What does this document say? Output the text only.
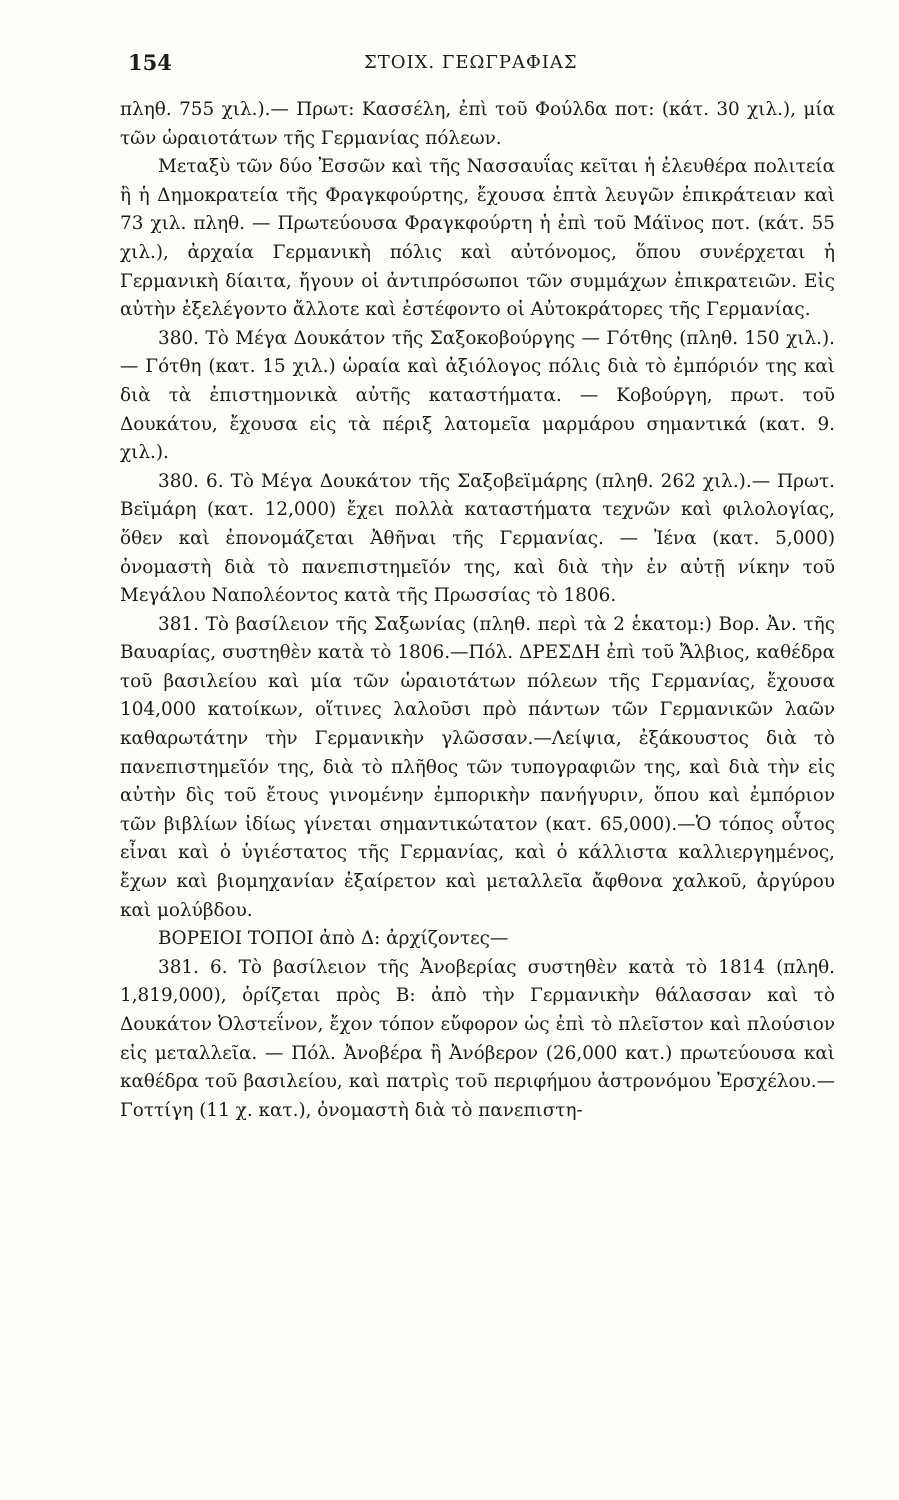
154	ΣΤΟΙΧ. ΓΕΩΓΡΑΦΙΑΣ

πληθ. 755 χιλ.).— Πρωτ: Κασσέλη, ἐπὶ τοῦ Φούλδα ποτ: (κάτ. 30 χιλ.), μία τῶν ὡραιοτάτων τῆς Γερμανίας πόλεων.

Μεταξὺ τῶν δύο Ἐσσῶν καὶ τῆς Νασσαυΐας κεῖται ἡ ἐλευθέρα πολιτεία ἢ ἡ Δημοκρατεία τῆς Φραγκφούρτης, ἔχουσα ἑπτὰ λευγῶν ἐπικράτειαν καὶ 73 χιλ. πληθ. — Πρωτεύουσα Φραγκφούρτη ἡ ἐπὶ τοῦ Μάϊνος ποτ. (κάτ. 55 χιλ.), ἀρχαία Γερμανικὴ πόλις καὶ αὐτόνομος, ὅπου συνέρχεται ἡ Γερμανικὴ δίαιτα, ἤγουν οἱ ἀντιπρόσωποι τῶν συμμάχων ἐπικρατειῶν. Εἰς αὐτὴν ἐξελέγοντο ἄλλοτε καὶ ἐστέφοντο οἱ Αὐτοκράτορες τῆς Γερμανίας.

380. Τὸ Μέγα Δουκάτον τῆς Σαξοκοβούργης — Γότθης (πληθ. 150 χιλ.). — Γότθη (κατ. 15 χιλ.) ὡραία καὶ ἀξιόλογος πόλις διὰ τὸ ἐμπόριόν της καὶ διὰ τὰ ἐπιστημονικὰ αὐτῆς καταστήματα. — Κοβούργη, πρωτ. τοῦ Δουκάτου, ἔχουσα εἰς τὰ πέριξ λατομεῖα μαρμάρου σημαντικά (κατ. 9. χιλ.).

380. 6. Τὸ Μέγα Δουκάτον τῆς Σαξοβεϊμάρης (πληθ. 262 χιλ.).— Πρωτ. Βεϊμάρη (κατ. 12,000) ἔχει πολλὰ καταστήματα τεχνῶν καὶ φιλολογίας, ὅθεν καὶ ἐπονομάζεται Ἀθῆναι τῆς Γερμανίας. — Ἰένα (κατ. 5,000) ὀνομαστὴ διὰ τὸ πανεπιστημεῖόν της, καὶ διὰ τὴν ἐν αὐτῇ νίκην τοῦ Μεγάλου Ναπολέοντος κατὰ τῆς Πρωσσίας τὸ 1806.

381. Τὸ βασίλειον τῆς Σαξωνίας (πληθ. περὶ τὰ 2 ἑκατομ:) Βορ. Ἀν. τῆς Βαυαρίας, συστηθὲν κατὰ τὸ 1806.—Πόλ. ΔΡΕΣΔΗ ἐπὶ τοῦ Ἄλβιος, καθέδρα τοῦ βασιλείου καὶ μία τῶν ὡραιοτάτων πόλεων τῆς Γερμανίας, ἔχουσα 104,000 κατοίκων, οἵτινες λαλοῦσι πρὸ πάντων τῶν Γερμανικῶν λαῶν καθαρωτάτην τὴν Γερμανικὴν γλῶσσαν.—Λείψια, ἐξάκουστος διὰ τὸ πανεπιστημεῖόν της, διὰ τὸ πλῆθος τῶν τυπογραφιῶν της, καὶ διὰ τὴν εἰς αὐτὴν δὶς τοῦ ἔτους γινομένην ἐμπορικὴν πανήγυριν, ὅπου καὶ ἐμπόριον τῶν βιβλίων ἰδίως γίνεται σημαντικώτατον (κατ. 65,000).—Ὁ τόπος οὗτος εἶναι καὶ ὁ ὑγιέστατος τῆς Γερμανίας, καὶ ὁ κάλλιστα καλλιεργημένος, ἔχων καὶ βιομηχανίαν ἐξαίρετον καὶ μεταλλεῖα ἄφθονα χαλκοῦ, ἀργύρου καὶ μολύβδου.

ΒΟΡΕΙΟΙ ΤΟΠΟΙ ἀπὸ Δ: ἀρχίζοντες—

381. 6. Τὸ βασίλειον τῆς Ἀνοβερίας συστηθὲν κατὰ τὸ 1814 (πληθ. 1,819,000), ὁρίζεται πρὸς Β: ἀπὸ τὴν Γερμανικὴν θάλασσαν καὶ τὸ Δουκάτον Ὀλστεΐνον, ἔχον τόπον εὔφορον ὡς ἐπὶ τὸ πλεῖστον καὶ πλούσιον εἰς μεταλλεῖα. — Πόλ. Ἀνοβέρα ἢ Ἀνόβερον (26,000 κατ.) πρωτεύουσα καὶ καθέδρα τοῦ βασιλείου, καὶ πατρὶς τοῦ περιφήμου ἀστρονόμου Ἐρσχέλου.—Γοττίγη (11 χ. κατ.), ὀνομαστὴ διὰ τὸ πανεπιστη-
